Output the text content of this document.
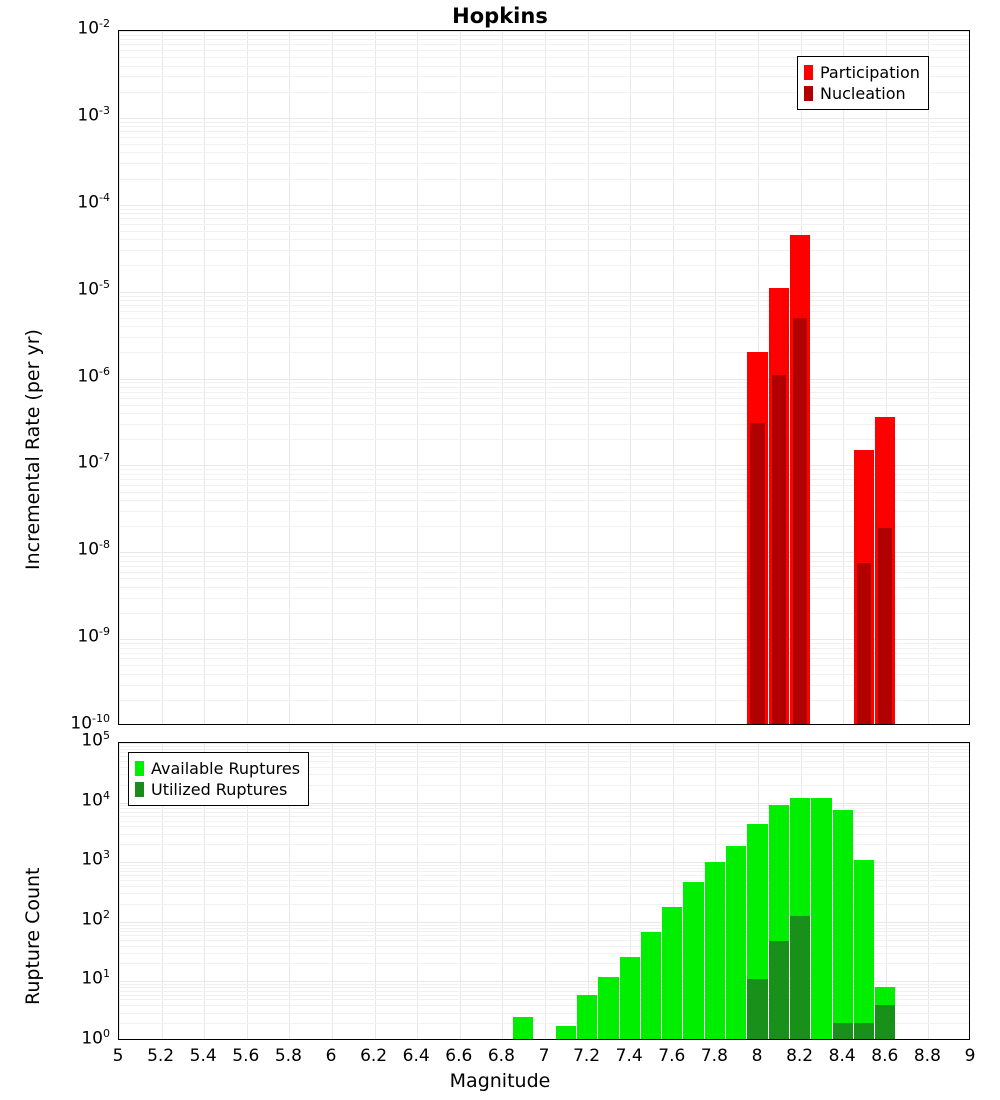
Hopkins
Incremental Rate (per yr)
Participation
Nucleation
Rupture Count
Available Ruptures
Utilized Ruptures
Magnitude
$10^{-10}$
$10^{-9}$
$10^{-8}$
$10^{-7}$
$10^{-6}$
$10^{-5}$
$10^{-4}$
$10^{-3}$
$10^{-2}$
$10^0$
$10^1$
$10^2$
$10^3$
$10^4$
$10^5$
5	5.2 5.4 5.6 5.8	6	6.2 6.4 6.6 6.8	7	7.2 7.4 7.6 7.8	8	8.2 8.4 8.6 8.8	9
